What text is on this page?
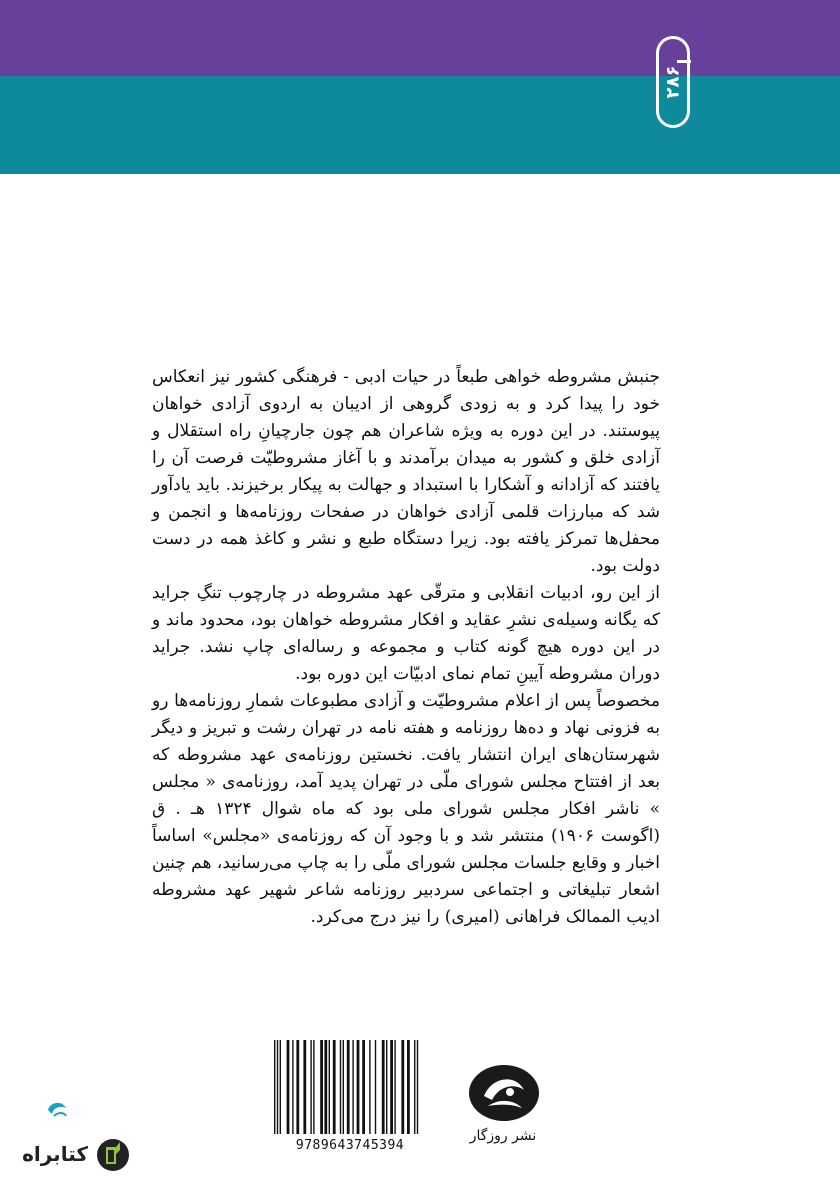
۲۸۶

جنبش مشروطه خواهی طبعاً در حیات ادبی - فرهنگی کشور نیز انعکاس خود را پیدا کرد و به زودی گروهی از ادیبان به اردوی آزادی خواهان پیوستند. در این دوره به ویژه شاعران هم چون جارچیانِ راه استقلال و آزادی خلق و کشور به میدان برآمدند و با آغاز مشروطیّت فرصت آن را یافتند که آزادانه و آشکارا با استبداد و جهالت به پیکار برخیزند. باید یادآور شد که مبارزات قلمی آزادی خواهان در صفحات روزنامه‌ها و انجمن و محفل‌ها تمرکز یافته بود. زیرا دستگاه طبع و نشر و کاغذ همه در دست دولت بود.

از این رو، ادبیات انقلابی و مترقّی عهد مشروطه در چارچوب تنگِ جراید که یگانه وسیله‌ی نشرِ عقاید و افکار مشروطه خواهان بود، محدود ماند و در این دوره هیچ گونه کتاب و مجموعه و رساله‌ای چاپ نشد. جراید دوران مشروطه آیینِ تمام نمای ادبیّات این دوره بود.

مخصوصاً پس از اعلام مشروطیّت و آزادی مطبوعات شمارِ روزنامه‌ها رو به فزونی نهاد و ده‌ها روزنامه و هفته نامه در تهران رشت و تبریز و دیگر شهرستان‌های ایران انتشار یافت. نخستین روزنامه‌ی عهد مشروطه که بعد از افتتاح مجلس شورای ملّی در تهران پدید آمد، روزنامه‌ی « مجلس » ناشر افکار مجلس شورای ملی بود که ماه شوال ۱۳۲۴ هـ . ق (اگوست ۱۹۰۶) منتشر شد و با وجود آن که روزنامه‌ی «مجلس» اساساً اخبار و وقایع جلسات مجلس شورای ملّی را به چاپ می‌رسانید، هم چنین اشعار تبلیغاتی و اجتماعی سردبیر روزنامه شاعر شهیر عهد مشروطه ادیب الممالک فراهانی (امیری) را نیز درج می‌کرد.

9789643745394
نشر روزگار
کتابراه
